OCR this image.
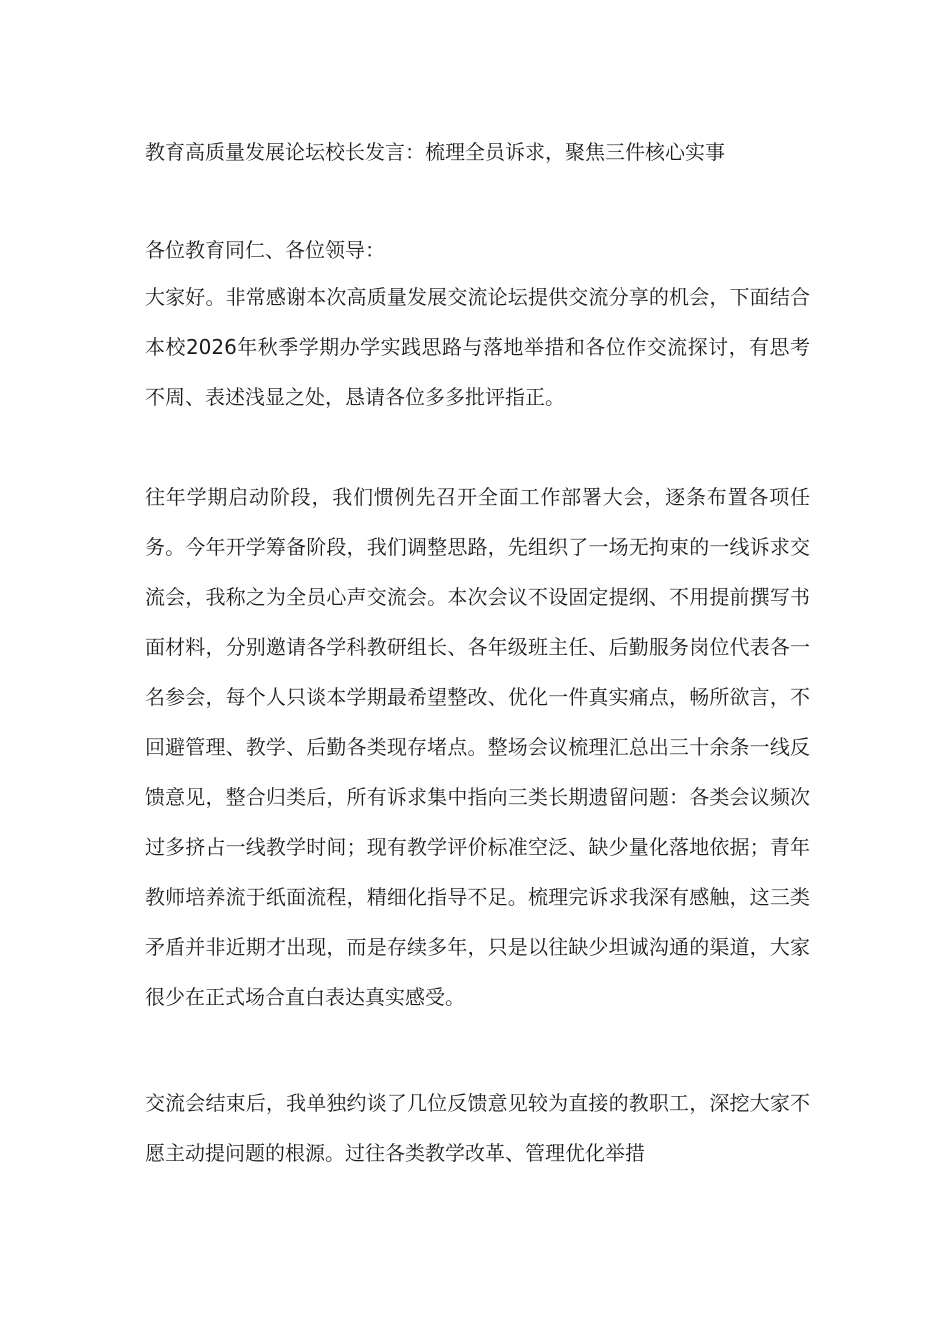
教育高质量发展论坛校长发言：梳理全员诉求，聚焦三件核心实事

各位教育同仁、各位领导：

大家好。非常感谢本次高质量发展交流论坛提供交流分享的机会，下面结合本校2026年秋季学期办学实践思路与落地举措和各位作交流探讨，有思考不周、表述浅显之处，恳请各位多多批评指正。

往年学期启动阶段，我们惯例先召开全面工作部署大会，逐条布置各项任务。今年开学筹备阶段，我们调整思路，先组织了一场无拘束的一线诉求交流会，我称之为全员心声交流会。本次会议不设固定提纲、不用提前撰写书面材料，分别邀请各学科教研组长、各年级班主任、后勤服务岗位代表各一名参会，每个人只谈本学期最希望整改、优化一件真实痛点，畅所欲言，不回避管理、教学、后勤各类现存堵点。整场会议梳理汇总出三十余条一线反馈意见，整合归类后，所有诉求集中指向三类长期遗留问题：各类会议频次过多挤占一线教学时间；现有教学评价标准空泛、缺少量化落地依据；青年教师培养流于纸面流程，精细化指导不足。梳理完诉求我深有感触，这三类矛盾并非近期才出现，而是存续多年，只是以往缺少坦诚沟通的渠道，大家很少在正式场合直白表达真实感受。

交流会结束后，我单独约谈了几位反馈意见较为直接的教职工，深挖大家不愿主动提问题的根源。过往各类教学改革、管理优化举措
